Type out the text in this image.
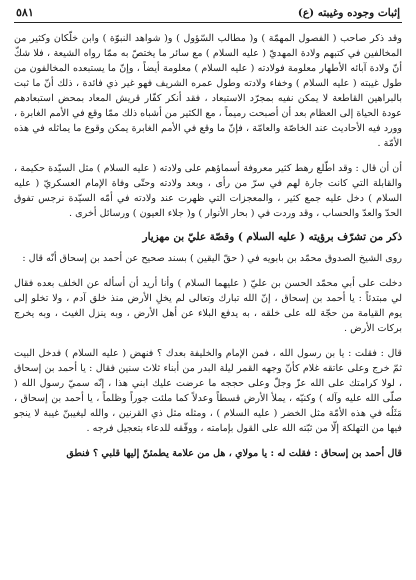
إثبات وجوده وغيبته (ع)
٥٨١

وقد ذكر صاحب ( الفصول المهمّة ) و( مطالب السّؤول ) و( شواهد النبوّة ) وابن خلّكان وكثير من المخالفين في كتبهم ولادة المهديّ ( عليه السلام ) مع سائر ما يختصّ به ممّا رواه الشيعة ، فلا شكّ أنّ ولادة آبائه الأطهار معلومة فولادته ( عليه السلام ) معلومة أيضاً ، وإنّ ما يستبعده المخالفون من طول غيبته ( عليه السلام ) وخفاء ولادته وطول عمره الشريف فهو غير ذي فائدة ، ذلك أنّ ما ثبت بالبراهين القاطعة لا يمكن نفيه بمجرّد الاستبعاد ، فقد أنكر كفّار قريش المعاد بمحض استبعادهم عودة الحياة إلى العظام بعد أن أصبحت رميماً ، مع الكثير من أشباه ذلك ممّا وقع في الأمم الغابرة ، وورد فيه الأحاديث عند الخاصّة والعامّة ، فإنّ ما وقع في الأمم الغابرة يمكن وقوع ما يماثله في هذه الأمّة .

أن أن قال : وقد اطّلع رهط كثير معروفة أسماؤهم على ولادته ( عليه السلام ) مثل السيّدة حكيمة ، والقابلة التي كانت جارة لهم في سرّ من رأى ، وبعد ولادته وحتّى وفاة الإمام العسكريّ ( عليه السلام ) دخل عليه جمع كثير ، والمعجزات التي ظهرت عند ولادته في أمّه السيّدة نرجس تفوق الحدّ والعدّ والحساب ، وقد وردت في ( بحار الأنوار ) و( جلاء العيون ) ورسائل أخرى .

ذكر من تشرّف برؤيته ( عليه السلام ) وقصّة عليّ بن مهزيار

روى الشيخ الصدوق محمّد بن بابويه في ( حقّ اليقين ) بسند صحيح عن أحمد بن إسحاق أنّه قال :

دخلت على أبي محمّد الحسن بن عليّ ( عليهما السلام ) وأنا أريد أن أسأله عن الخلف بعده فقال لي مبتدئاً : يا أحمد بن إسحاق ، إنّ الله تبارك وتعالى لم يخلِ الأرض منذ خلق آدم ، ولا تخلو إلى يوم القيامة من حجّة لله على خلقه ، به يدفع البلاء عن أهل الأرض ، وبه ينزل الغيث ، وبه يخرج بركات الأرض .

قال : فقلت : يا بن رسول الله ، فمن الإمام والخليفة بعدك ؟ فنهض ( عليه السلام ) فدخل البيت ثمّ خرج وعلى عاتقه غلام كأنّ وجهه القمر ليلة البدر من أبناء ثلاث سنين فقال : يا أحمد بن إسحاق ، لولا كرامتك على الله عزّ وجلّ وعلى حججه ما عرضت عليك ابني هذا ، إنّه سميّ رسول الله ( صلّى الله عليه وآله ) وكنيّه ، يملأ الأرض قسطاً وعدلاً كما ملئت جوراً وظلماً ، يا أحمد بن إسحاق ، مَثَلُه في هذه الأمّة مثل الخضر ( عليه السلام ) ، ومثله مثل ذي القرنين ، والله ليغيبنّ غيبة لا ينجو فيها من التهلكة إلّا من ثبّته الله على القول بإمامته ، ووفّقه للدعاء بتعجيل فرجه .

قال أحمد بن إسحاق : فقلت له : يا مولاي ، هل من علامة يطمئنّ إليها قلبي ؟ فنطق
